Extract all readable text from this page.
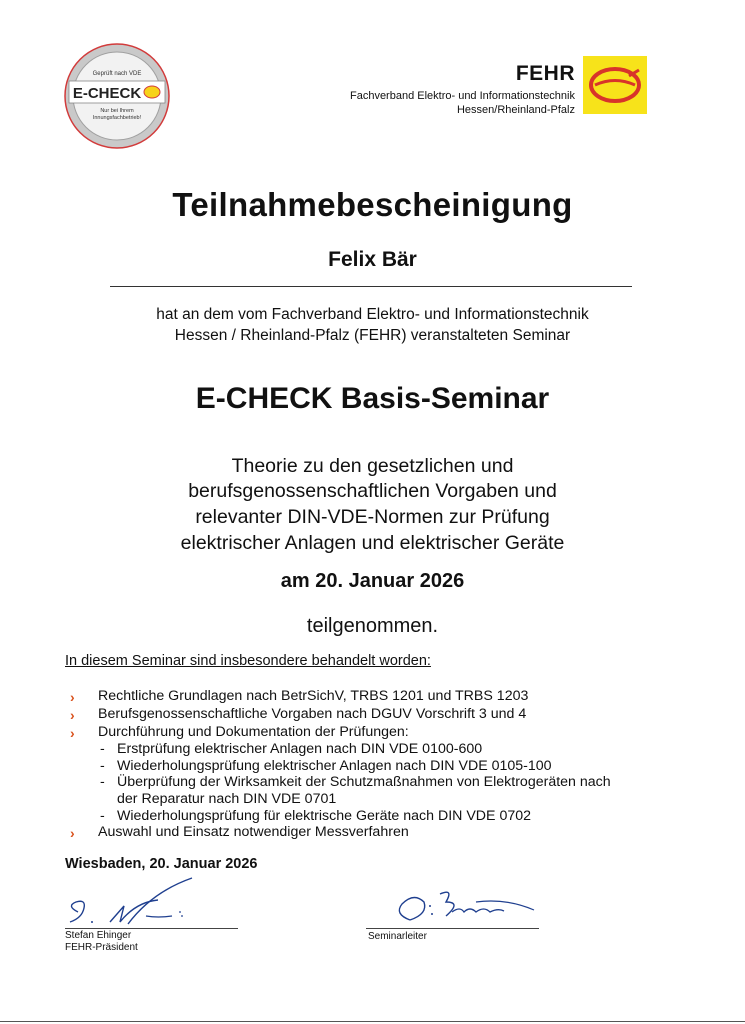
Geprüft nach VDE
E-CHECK
Nur bei Ihrem
Innungsfachbetrieb!
FEHR
Fachverband Elektro- und Informationstechnik
Hessen/Rheinland-Pfalz
Teilnahmebescheinigung
Felix Bär
hat an dem vom Fachverband Elektro- und Informationstechnik
Hessen / Rheinland-Pfalz (FEHR) veranstalteten Seminar
E-CHECK Basis-Seminar
Theorie zu den gesetzlichen und
berufsgenossenschaftlichen Vorgaben und
relevanter DIN-VDE-Normen zur Prüfung
elektrischer Anlagen und elektrischer Geräte
am 20. Januar 2026
teilgenommen.
In diesem Seminar sind insbesondere behandelt worden:
› Rechtliche Grundlagen nach BetrSichV, TRBS 1201 und TRBS 1203
› Berufsgenossenschaftliche Vorgaben nach DGUV Vorschrift 3 und 4
› Durchführung und Dokumentation der Prüfungen:
- Erstprüfung elektrischer Anlagen nach DIN VDE 0100-600
- Wiederholungsprüfung elektrischer Anlagen nach DIN VDE 0105-100
- Überprüfung der Wirksamkeit der Schutzmaßnahmen von Elektrogeräten nach
der Reparatur nach DIN VDE 0701
- Wiederholungsprüfung für elektrische Geräte nach DIN VDE 0702
› Auswahl und Einsatz notwendiger Messverfahren
Wiesbaden, 20. Januar 2026
Stefan Ehinger
FEHR-Präsident
Seminarleiter
